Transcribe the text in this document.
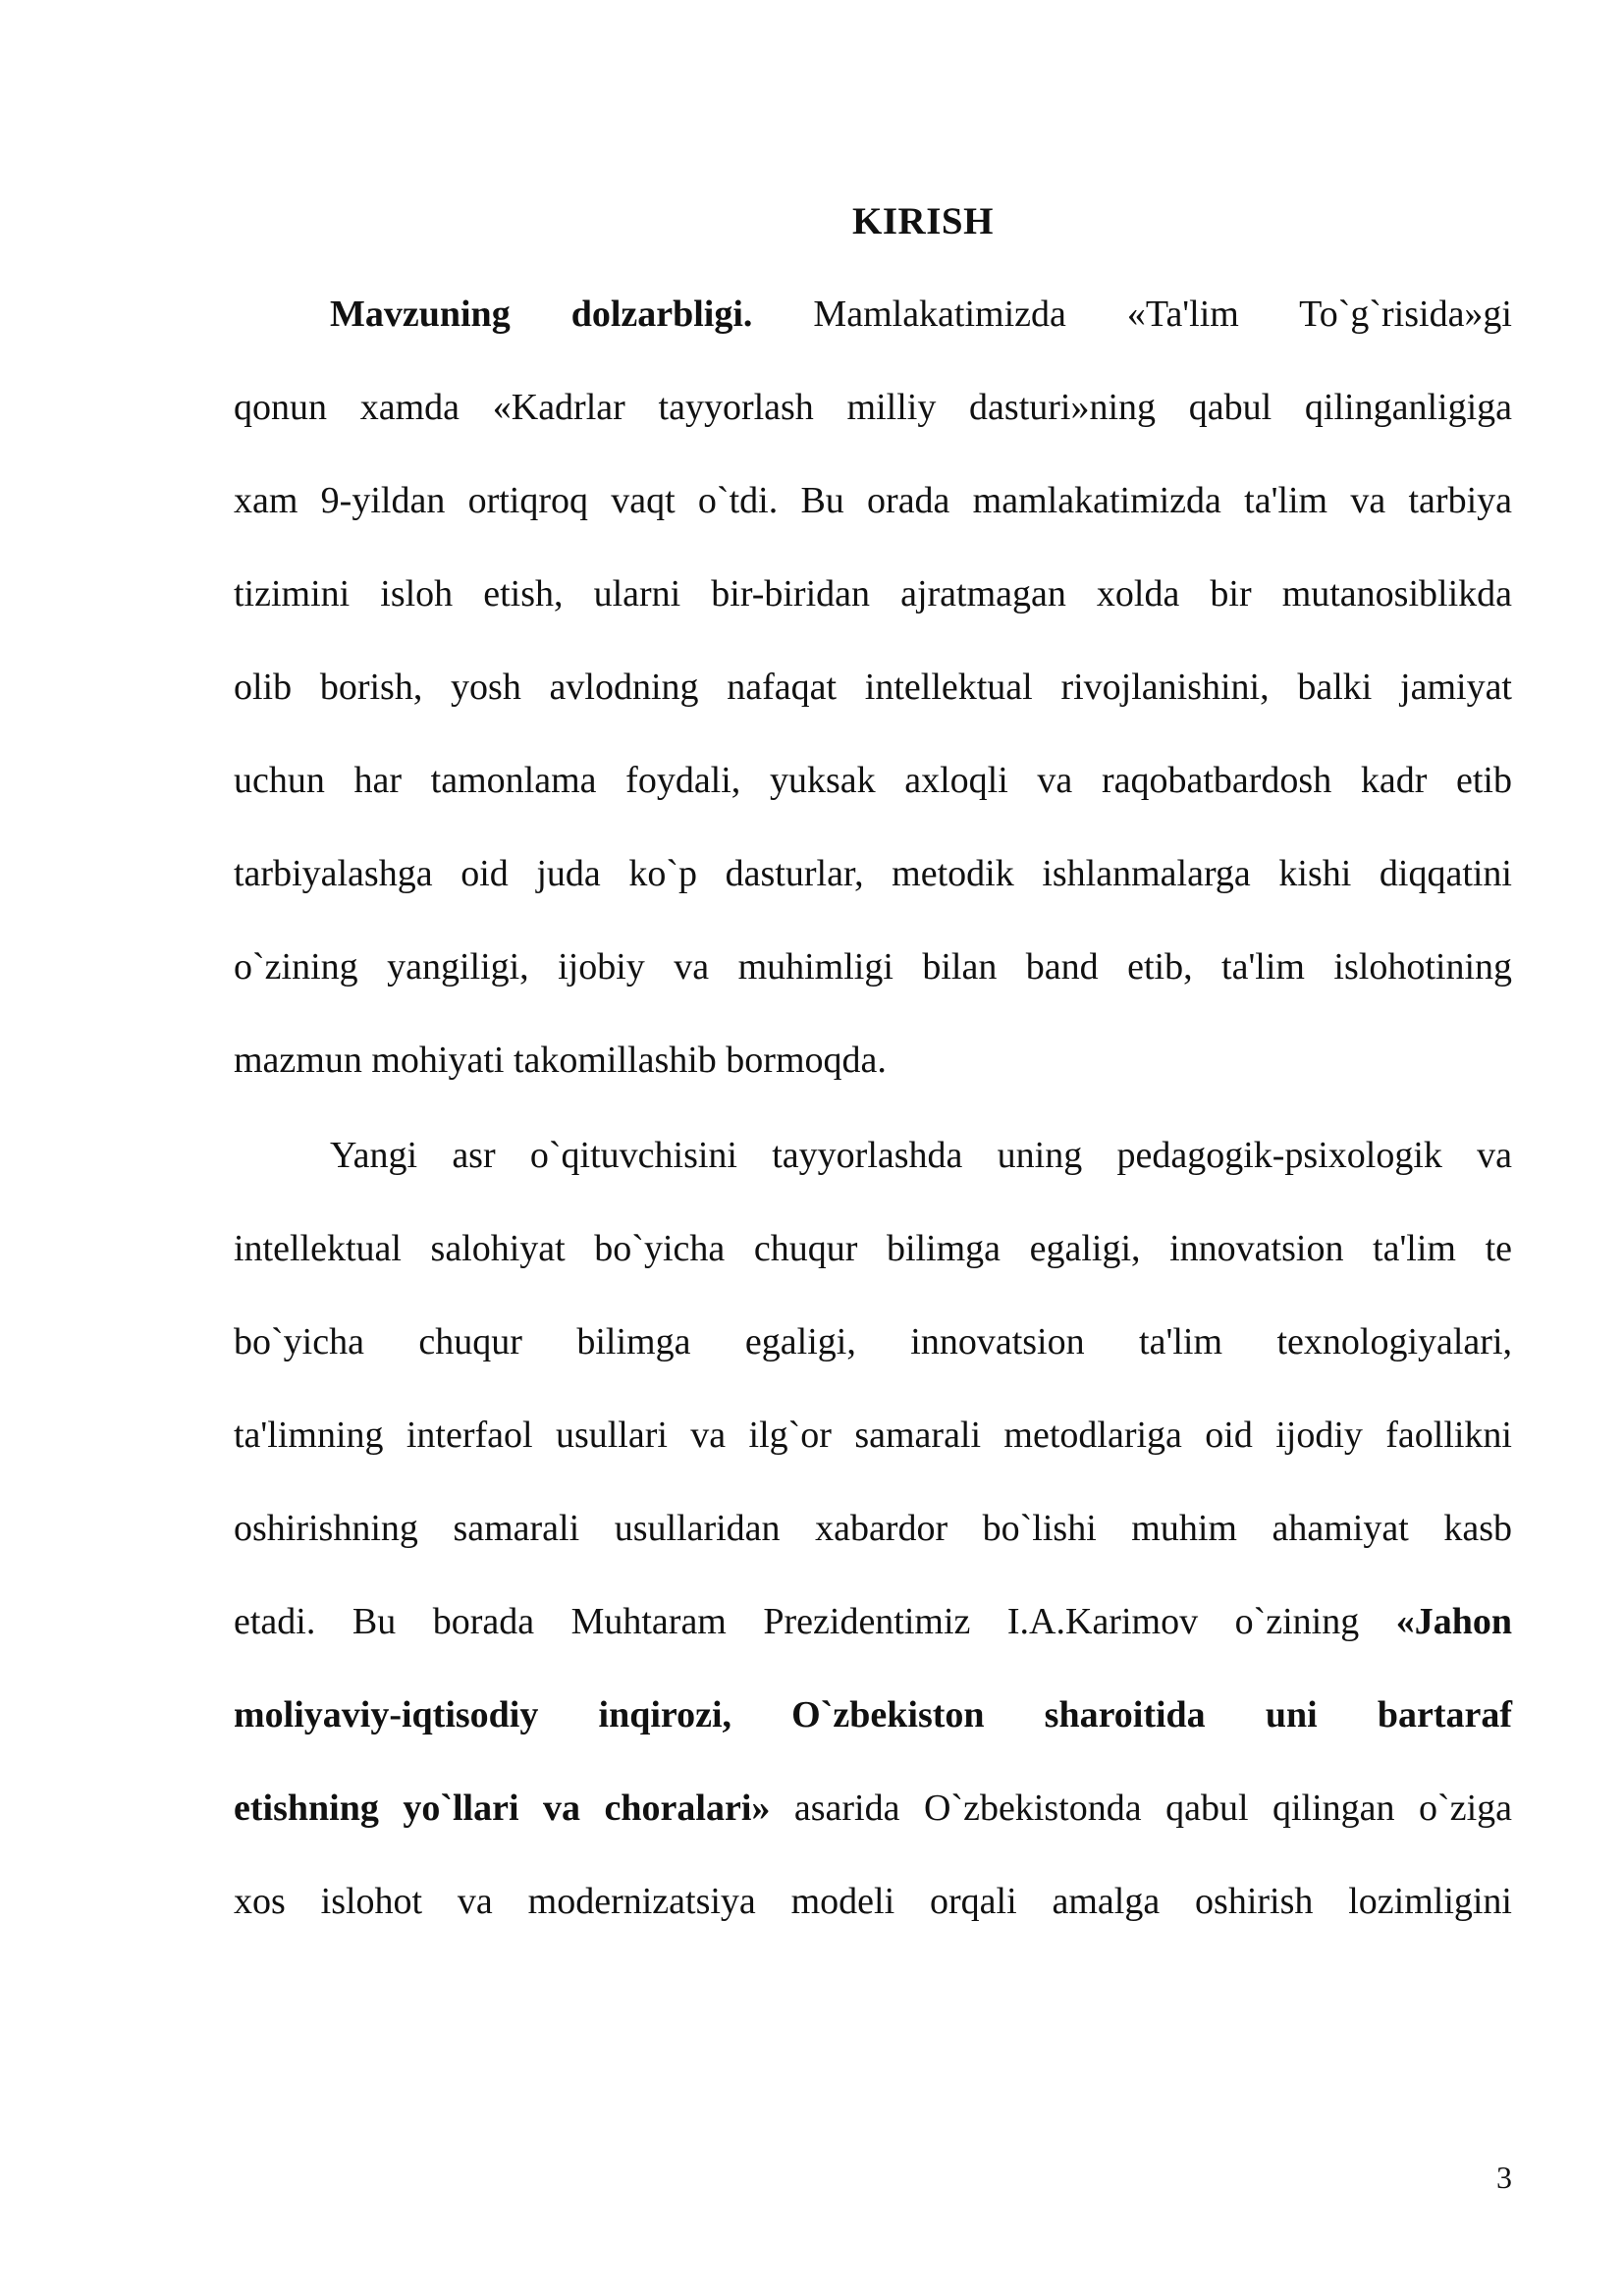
KIRISH
Mavzuning dolzarbligi. Mamlakatimizda «Ta'lim To`g`risida»gi
qonun xamda «Kadrlar tayyorlash milliy dasturi»ning qabul qilinganligiga
xam 9-yildan ortiqroq vaqt o`tdi. Bu orada mamlakatimizda ta'lim va tarbiya
tizimini isloh etish, ularni bir-biridan ajratmagan xolda bir mutanosiblikda
olib borish, yosh avlodning nafaqat intellektual rivojlanishini, balki jamiyat
uchun har tamonlama foydali, yuksak axloqli va raqobatbardosh kadr etib
tarbiyalashga oid juda ko`p dasturlar, metodik ishlanmalarga kishi diqqatini
o`zining yangiligi, ijobiy va muhimligi bilan band etib, ta'lim islohotining
mazmun mohiyati takomillashib bormoqda.
Yangi asr o`qituvchisini tayyorlashda uning pedagogik-psixologik va
intellektual salohiyat bo`yicha chuqur bilimga egaligi, innovatsion ta'lim te
bo`yicha chuqur bilimga egaligi, innovatsion ta'lim texnologiyalari,
ta'limning interfaol usullari va ilg`or samarali metodlariga oid ijodiy faollikni
oshirishning samarali usullaridan xabardor bo`lishi muhim ahamiyat kasb
etadi. Bu borada Muhtaram Prezidentimiz I.A.Karimov o`zining «Jahon
moliyaviy-iqtisodiy inqirozi, O`zbekiston sharoitida uni bartaraf
etishning yo`llari va choralari» asarida O`zbekistonda qabul qilingan o`ziga
xos islohot va modernizatsiya modeli orqali amalga oshirish lozimligini
3
